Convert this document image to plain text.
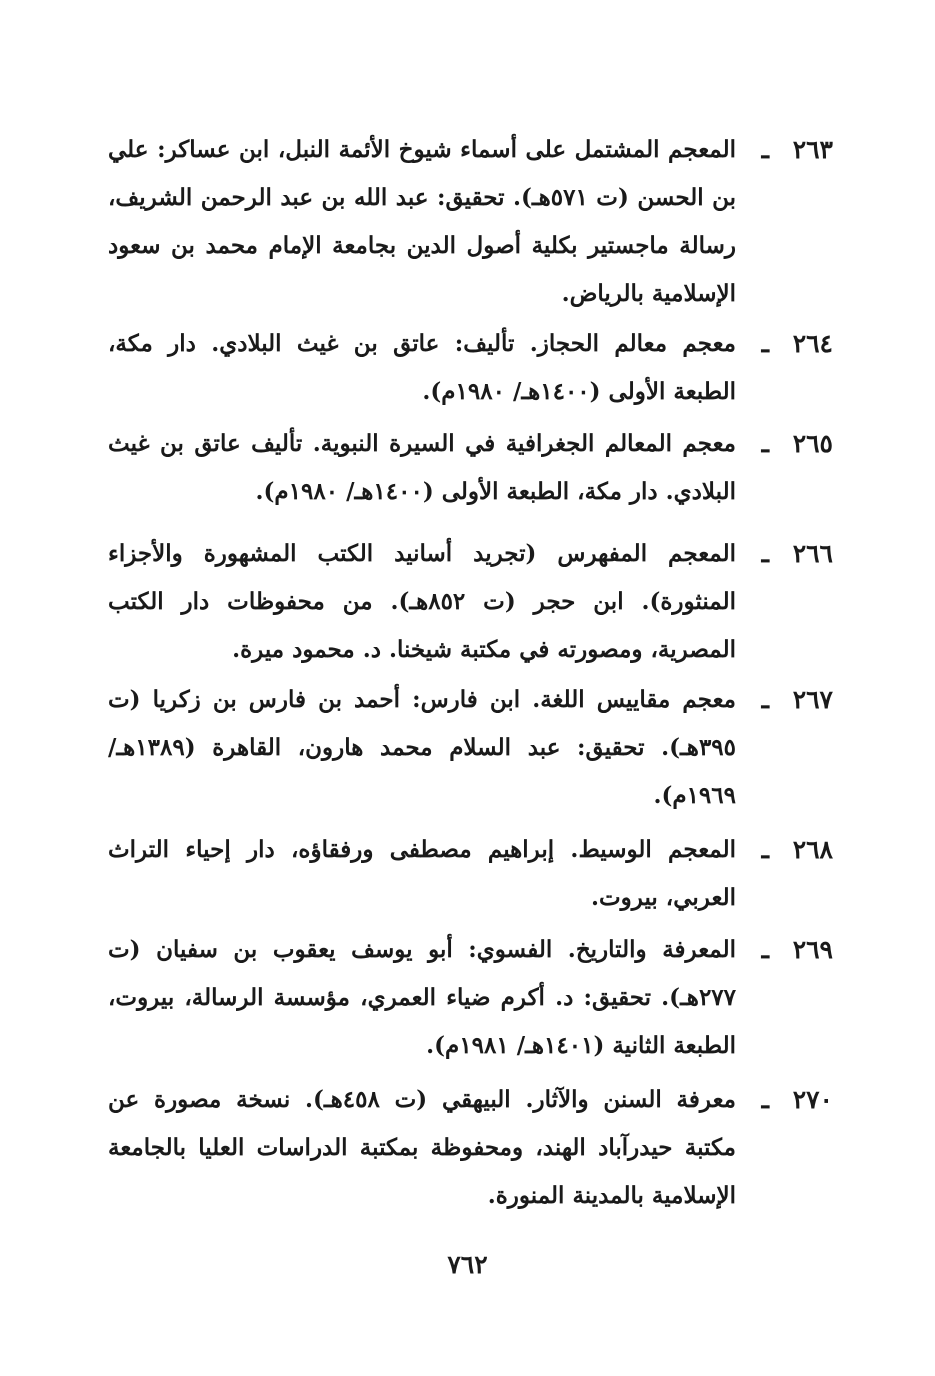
٢٦٣
ـ
المعجم المشتمل على أسماء شيوخ الأئمة النبل، ابن عساكر: علي بن الحسن (ت ٥٧١هـ). تحقيق: عبد الله بن عبد الرحمن الشريف، رسالة ماجستير بكلية أصول الدين بجامعة الإمام محمد بن سعود الإسلامية بالرياض.
٢٦٤
ـ
معجم معالم الحجاز. تأليف: عاتق بن غيث البلادي. دار مكة، الطبعة الأولى (١٤٠٠هـ/ ١٩٨٠م).
٢٦٥
ـ
معجم المعالم الجغرافية في السيرة النبوية. تأليف عاتق بن غيث البلادي. دار مكة، الطبعة الأولى (١٤٠٠هـ/ ١٩٨٠م).
٢٦٦
ـ
المعجم المفهرس (تجريد أسانيد الكتب المشهورة والأجزاء المنثورة). ابن حجر (ت ٨٥٢هـ). من محفوظات دار الكتب المصرية، ومصورته في مكتبة شيخنا. د. محمود ميرة.
٢٦٧
ـ
معجم مقاييس اللغة. ابن فارس: أحمد بن فارس بن زكريا (ت ٣٩٥هـ). تحقيق: عبد السلام محمد هارون، القاهرة (١٣٨٩هـ/ ١٩٦٩م).
٢٦٨
ـ
المعجم الوسيط. إبراهيم مصطفى ورفقاؤه، دار إحياء التراث العربي، بيروت.
٢٦٩
ـ
المعرفة والتاريخ. الفسوي: أبو يوسف يعقوب بن سفيان (ت ٢٧٧هـ). تحقيق: د. أكرم ضياء العمري، مؤسسة الرسالة، بيروت، الطبعة الثانية (١٤٠١هـ/ ١٩٨١م).
٢٧٠
ـ
معرفة السنن والآثار. البيهقي (ت ٤٥٨هـ). نسخة مصورة عن مكتبة حيدرآباد الهند، ومحفوظة بمكتبة الدراسات العليا بالجامعة الإسلامية بالمدينة المنورة.
٧٦٢
